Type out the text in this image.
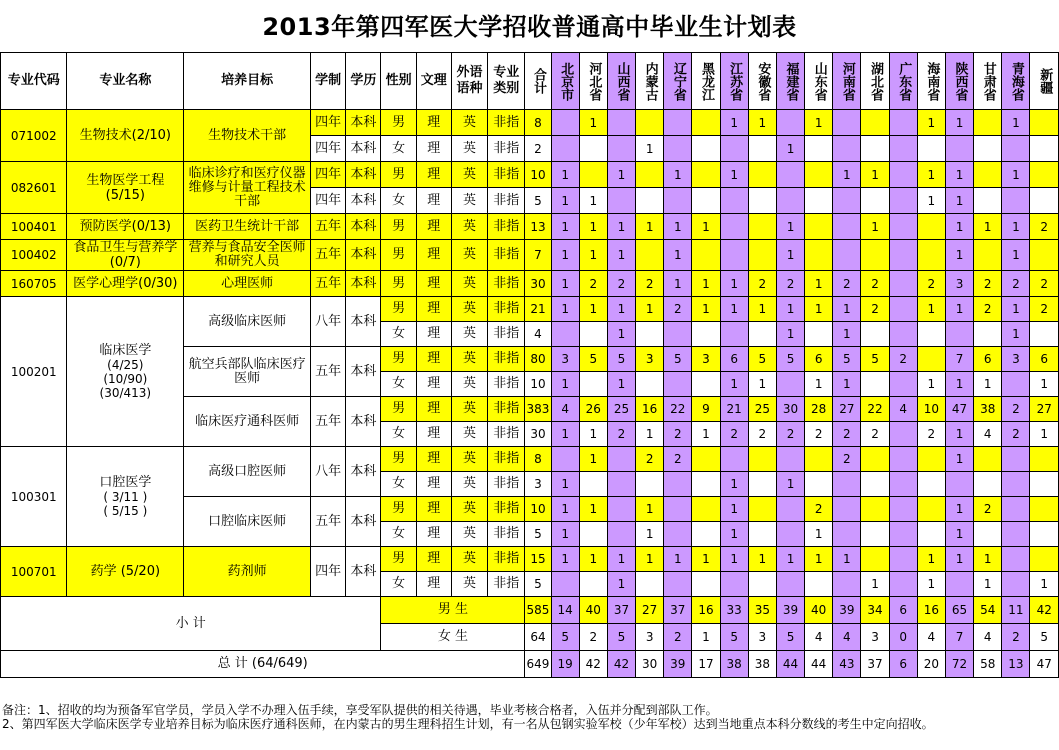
2013年第四军医大学招收普通高中毕业生计划表
专业代码	专业名称	培养目标	学制	学历	性别	文理	外语语种	专业类别	合计	北京市	河北省	山西省	内蒙古	辽宁省	黑龙江	江苏省	安徽省	福建省	山东省	河南省	湖北省	广东省	海南省	陕西省	甘肃省	青海省	新疆
071002	生物技术(2/10)	生物技术干部	四年	本科	男	理	英	非指	8		1					1	1		1				1	1		1	
			四年	本科	女	理	英	非指	2				1					1									
082601	生物医学工程(5/15)	临床诊疗和医疗仪器维修与计量工程技术干部	四年	本科	男	理	英	非指	10	1		1		1		1				1	1		1	1		1	
			四年	本科	女	理	英	非指	5	1	1												1	1			
100401	预防医学(0/13)	医药卫生统计干部	五年	本科	男	理	英	非指	13	1	1	1	1	1	1			1			1			1	1	1	2
100402	食品卫生与营养学(0/7)	营养与食品安全医师和研究人员	五年	本科	男	理	英	非指	7	1	1	1		1				1						1		1	
160705	医学心理学(0/30)	心理医师	五年	本科	男	理	英	非指	30	1	2	2	2	1	1	1	2	2	1	2	2		2	3	2	2	2
100201	临床医学
(4/25)
(10/90)
(30/413)	高级临床医师	八年	本科	男	理	英	非指	21	1	1	1	1	2	1	1	1	1	1	1	2		1	1	2	1	2
					女	理	英	非指	4			1						1		1						1	
		航空兵部队临床医疗医师	五年	本科	男	理	英	非指	80	3	5	5	3	5	3	6	5	5	6	5	5	2		7	6	3	6
					女	理	英	非指	10	1		1				1	1		1	1			1	1	1		1
		临床医疗通科医师	五年	本科	男	理	英	非指	383	4	26	25	16	22	9	21	25	30	28	27	22	4	10	47	38	2	27
					女	理	英	非指	30	1	1	2	1	2	1	2	2	2	2	2	2		2	1	4	2	1
100301	口腔医学
( 3/11 )
( 5/15 )	高级口腔医师	八年	本科	男	理	英	非指	8		1		2	2						2				1			
					女	理	英	非指	3	1						1		1									
		口腔临床医师	五年	本科	男	理	英	非指	10	1	1		1			1			2					1	2		
					女	理	英	非指	5	1			1			1			1					1			
100701	药学 (5/20)	药剂师	四年	本科	男	理	英	非指	15	1	1	1	1	1	1	1	1	1	1	1			1	1	1		
					女	理	英	非指	5			1									1		1		1		1
小 计					男 生				585	14	40	37	27	37	16	33	35	39	40	39	34	6	16	65	54	11	42
					女 生				64	5	2	5	3	2	1	5	3	5	4	4	3	0	4	7	4	2	5
总 计 (64/649)									649	19	42	42	30	39	17	38	38	44	44	43	37	6	20	72	58	13	47
备注：1、招收的均为预备军官学员，学员入学不办理入伍手续，享受军队提供的相关待遇，毕业考核合格者，入伍并分配到部队工作。
2、第四军医大学临床医学专业培养目标为临床医疗通科医师，在内蒙古的男生理科招生计划，有一名从包钢实验军校（少年军校）达到当地重点本科分数线的考生中定向招收。
